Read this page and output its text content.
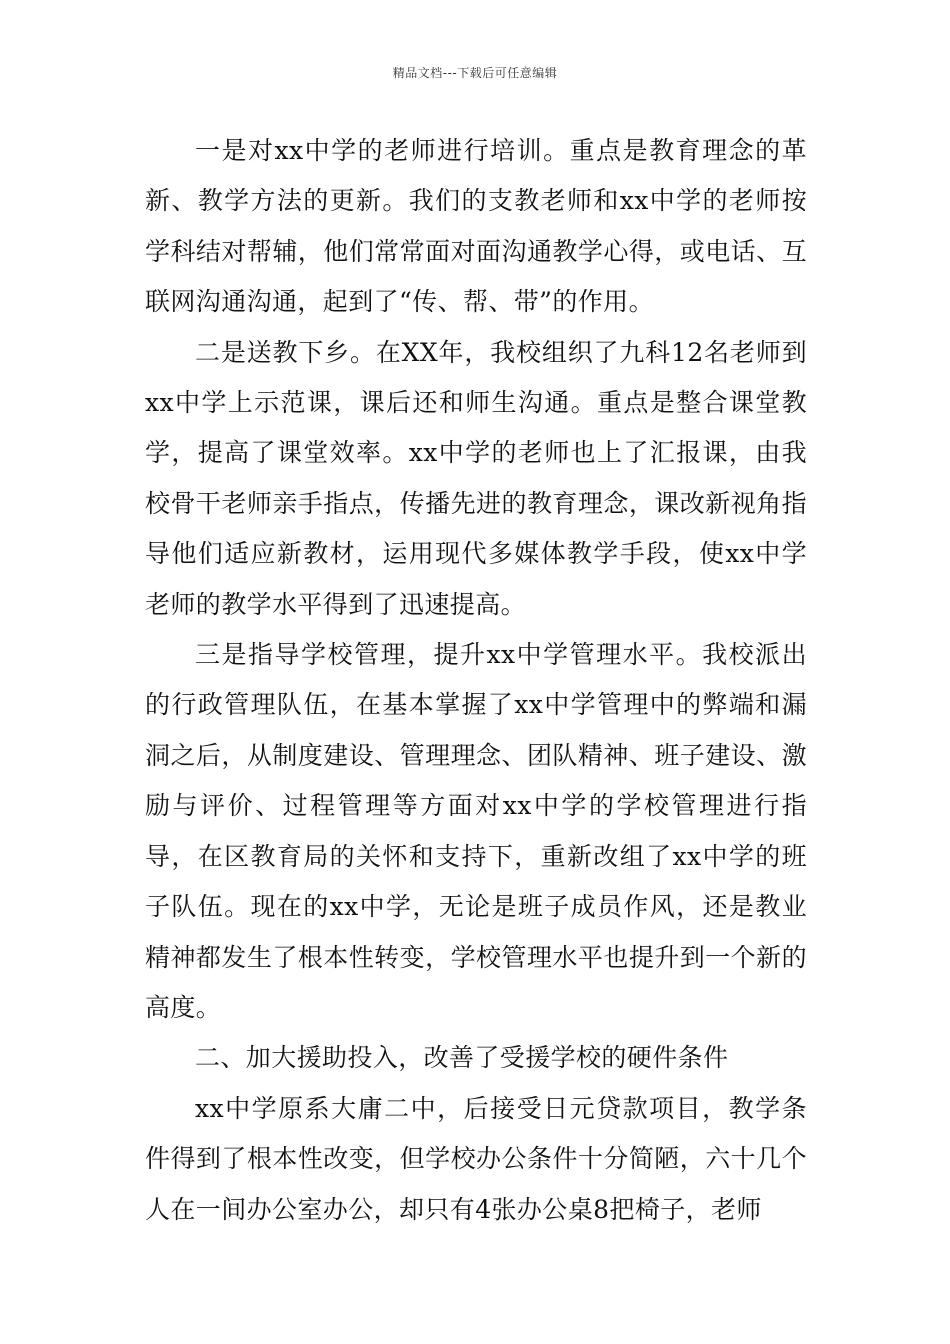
精品文档---下载后可任意编辑

一是对xx中学的老师进行培训。重点是教育理念的革新、教学方法的更新。我们的支教老师和xx中学的老师按学科结对帮辅，他们常常面对面沟通教学心得，或电话、互联网沟通沟通，起到了“传、帮、带”的作用。

二是送教下乡。在XX年，我校组织了九科12名老师到xx中学上示范课，课后还和师生沟通。重点是整合课堂教学，提高了课堂效率。xx中学的老师也上了汇报课，由我校骨干老师亲手指点，传播先进的教育理念，课改新视角指导他们适应新教材，运用现代多媒体教学手段，使xx中学老师的教学水平得到了迅速提高。

三是指导学校管理，提升xx中学管理水平。我校派出的行政管理队伍，在基本掌握了xx中学管理中的弊端和漏洞之后，从制度建设、管理理念、团队精神、班子建设、激励与评价、过程管理等方面对xx中学的学校管理进行指导，在区教育局的关怀和支持下，重新改组了xx中学的班子队伍。现在的xx中学，无论是班子成员作风，还是教业精神都发生了根本性转变，学校管理水平也提升到一个新的高度。

二、加大援助投入，改善了受援学校的硬件条件

xx中学原系大庸二中，后接受日元贷款项目，教学条件得到了根本性改变，但学校办公条件十分简陋，六十几个人在一间办公室办公，却只有4张办公桌8把椅子，老师
